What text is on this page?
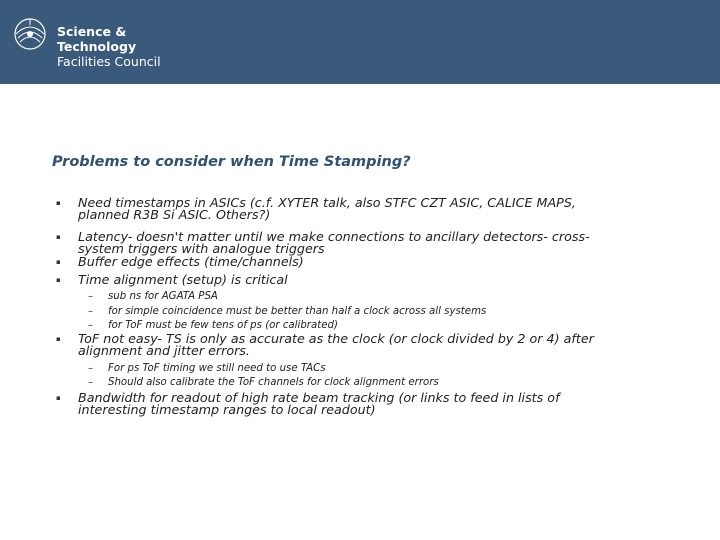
Science & Technology
Facilities Council
Problems to consider when Time Stamping?
▪ Need timestamps in ASICs (c.f. XYTER talk, also STFC CZT ASIC, CALICE MAPS,
planned R3B Si ASIC. Others?)
▪ Latency- doesn't matter until we make connections to ancillary detectors- cross-
system triggers with analogue triggers
▪ Buffer edge effects (time/channels)
▪ Time alignment (setup) is critical
– sub ns for AGATA PSA
– for simple coincidence must be better than half a clock across all systems
– for ToF must be few tens of ps (or calibrated)
▪ ToF not easy- TS is only as accurate as the clock (or clock divided by 2 or 4) after
alignment and jitter errors.
– For ps ToF timing we still need to use TACs
– Should also calibrate the ToF channels for clock alignment errors
▪ Bandwidth for readout of high rate beam tracking (or links to feed in lists of
interesting timestamp ranges to local readout)
